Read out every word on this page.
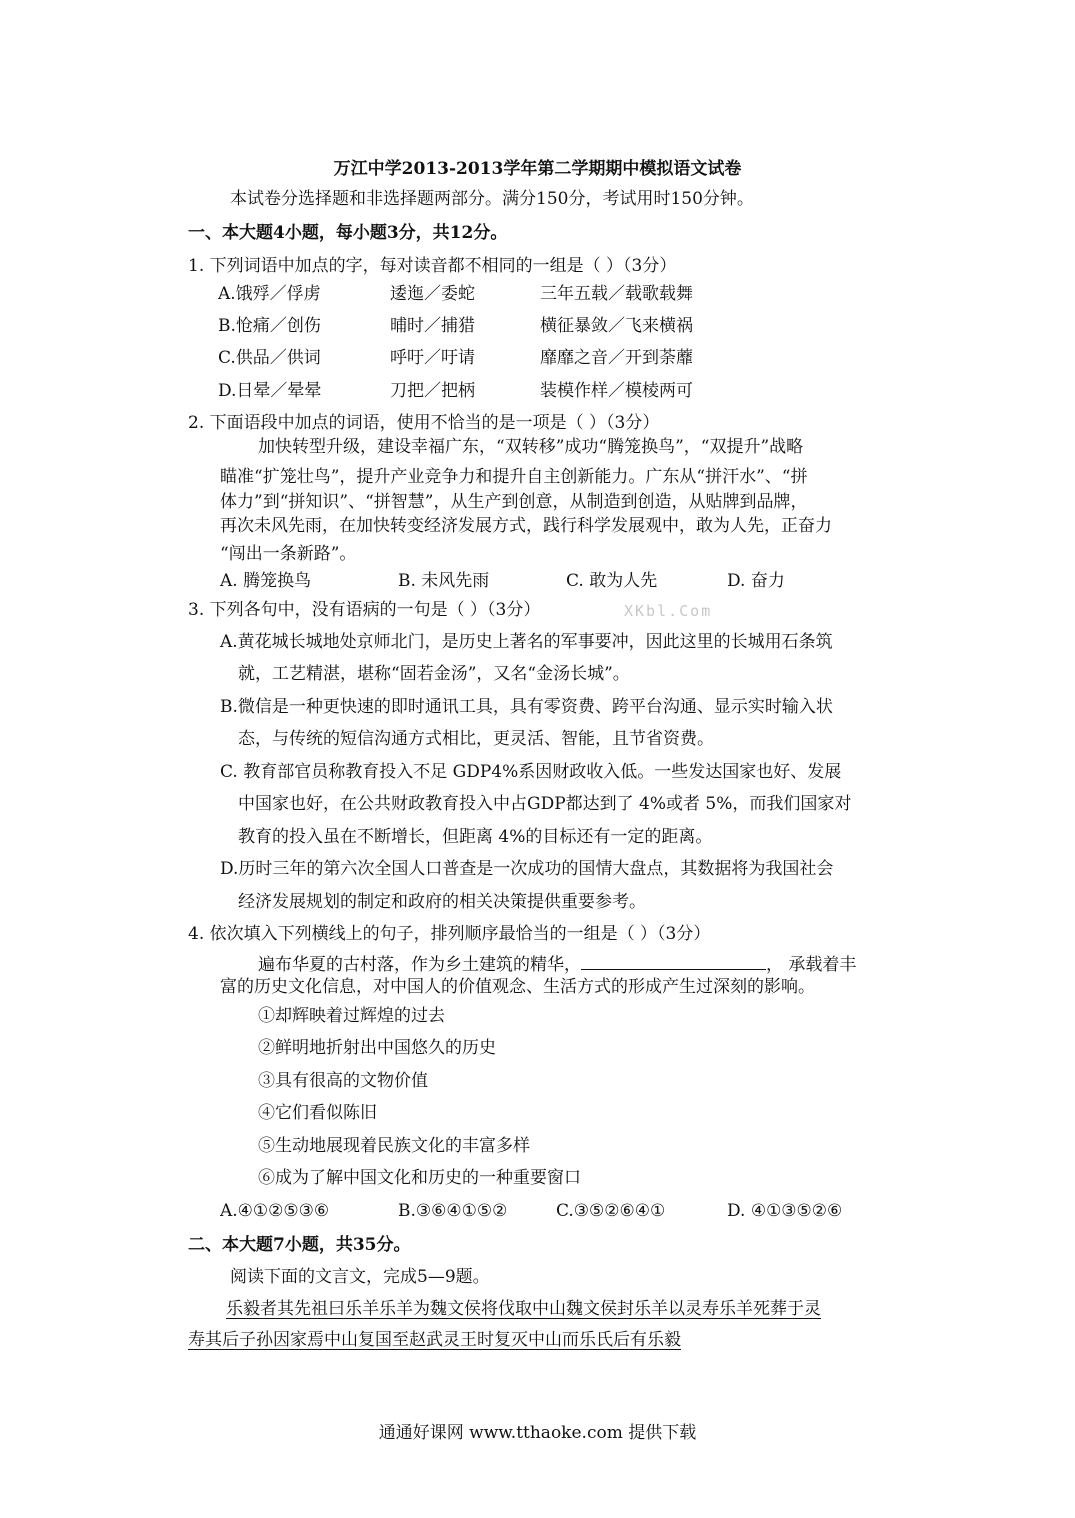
万江中学2013-2013学年第二学期期中模拟语文试卷
本试卷分选择题和非选择题两部分。满分150分，考试用时150分钟。
一、本大题4小题，每小题3分，共12分。
1. 下列词语中加点的字，每对读音都不相同的一组是（ ）（3分）
A.饿殍／俘虏	逶迤／委蛇	三年五载／载歌载舞
B.怆痛／创伤	晡时／捕猎	横征暴敛／飞来横祸
C.供品／供词	呼吁／吁请	靡靡之音／开到荼蘼
D.日晕／晕晕	刀把／把柄	装模作样／模棱两可
2. 下面语段中加点的词语，使用不恰当的是一项是（ ）（3分）
加快转型升级，建设幸福广东，“双转移”成功“腾笼换鸟”，“双提升”战略
瞄准“扩笼壮鸟”，提升产业竞争力和提升自主创新能力。广东从“拼汗水”、“拼
体力”到“拼知识”、“拼智慧”，从生产到创意，从制造到创造，从贴牌到品牌，
再次未风先雨，在加快转变经济发展方式，践行科学发展观中，敢为人先，正奋力
“闯出一条新路”。
A. 腾笼换鸟	B. 未风先雨	C. 敢为人先	D. 奋力
3. 下列各句中，没有语病的一句是（ ）（3分）	XKbl.Com
A.黄花城长城地处京师北门，是历史上著名的军事要冲，因此这里的长城用石条筑
就，工艺精湛，堪称“固若金汤”，又名“金汤长城”。
B.微信是一种更快速的即时通讯工具，具有零资费、跨平台沟通、显示实时输入状
态，与传统的短信沟通方式相比，更灵活、智能，且节省资费。
C. 教育部官员称教育投入不足 GDP4%系因财政收入低。一些发达国家也好、发展
中国家也好，在公共财政教育投入中占GDP都达到了 4%或者 5%，而我们国家对
教育的投入虽在不断增长，但距离 4%的目标还有一定的距离。
D.历时三年的第六次全国人口普查是一次成功的国情大盘点，其数据将为我国社会
经济发展规划的制定和政府的相关决策提供重要参考。
4. 依次填入下列横线上的句子，排列顺序最恰当的一组是（ ）（3分）
遍布华夏的古村落，作为乡土建筑的精华，	， 承载着丰
富的历史文化信息，对中国人的价值观念、生活方式的形成产生过深刻的影响。
①却辉映着过辉煌的过去
②鲜明地折射出中国悠久的历史
③具有很高的文物价值
④它们看似陈旧
⑤生动地展现着民族文化的丰富多样
⑥成为了解中国文化和历史的一种重要窗口
A.④①②⑤③⑥	B.③⑥④①⑤②	C.③⑤②⑥④①	D. ④①③⑤②⑥
二、本大题7小题，共35分。
阅读下面的文言文，完成5—9题。
乐毅者其先祖曰乐羊乐羊为魏文侯将伐取中山魏文侯封乐羊以灵寿乐羊死葬于灵
寿其后子孙因家焉中山复国至赵武灵王时复灭中山而乐氏后有乐毅
通通好课网 www.tthaoke.com 提供下载
